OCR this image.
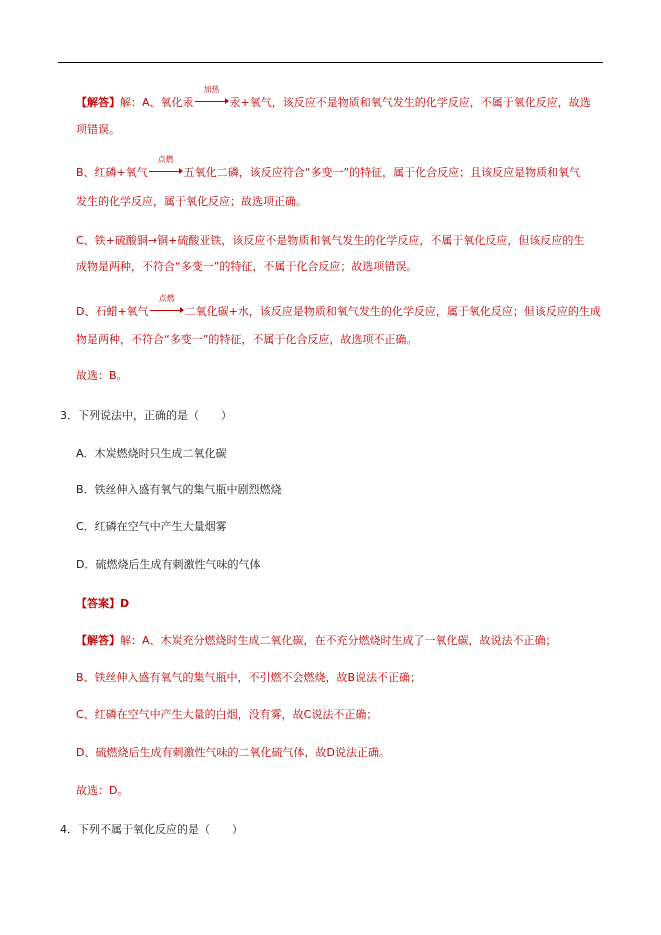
【解答】解：A、氧化汞
加热
汞+氧气，该反应不是物质和氧气发生的化学反应，不属于氧化反应，故选
项错误。
B、红磷+氧气
点燃
五氧化二磷，该反应符合“多变一”的特征，属于化合反应；且该反应是物质和氧气
发生的化学反应，属于氧化反应；故选项正确。
C、铁+硫酸铜→铜+硫酸亚铁，该反应不是物质和氧气发生的化学反应，不属于氧化反应，但该反应的生
成物是两种，不符合“多变一”的特征，不属于化合反应；故选项错误。
D、石蜡+氧气
点燃
二氧化碳+水，该反应是物质和氧气发生的化学反应，属于氧化反应；但该反应的生成
物是两种，不符合“多变一”的特征，不属于化合反应，故选项不正确。
故选：B。
3．下列说法中，正确的是（　　）
A．木炭燃烧时只生成二氧化碳
B．铁丝伸入盛有氧气的集气瓶中剧烈燃烧
C．红磷在空气中产生大量烟雾
D．硫燃烧后生成有刺激性气味的气体
【答案】D
【解答】解：A、木炭充分燃烧时生成二氧化碳，在不充分燃烧时生成了一氧化碳，故说法不正确；
B、铁丝伸入盛有氧气的集气瓶中，不引燃不会燃烧，故B说法不正确；
C、红磷在空气中产生大量的白烟，没有雾，故C说法不正确；
D、硫燃烧后生成有刺激性气味的二氧化硫气体，故D说法正确。
故选：D。
4．下列不属于氧化反应的是（　　）
